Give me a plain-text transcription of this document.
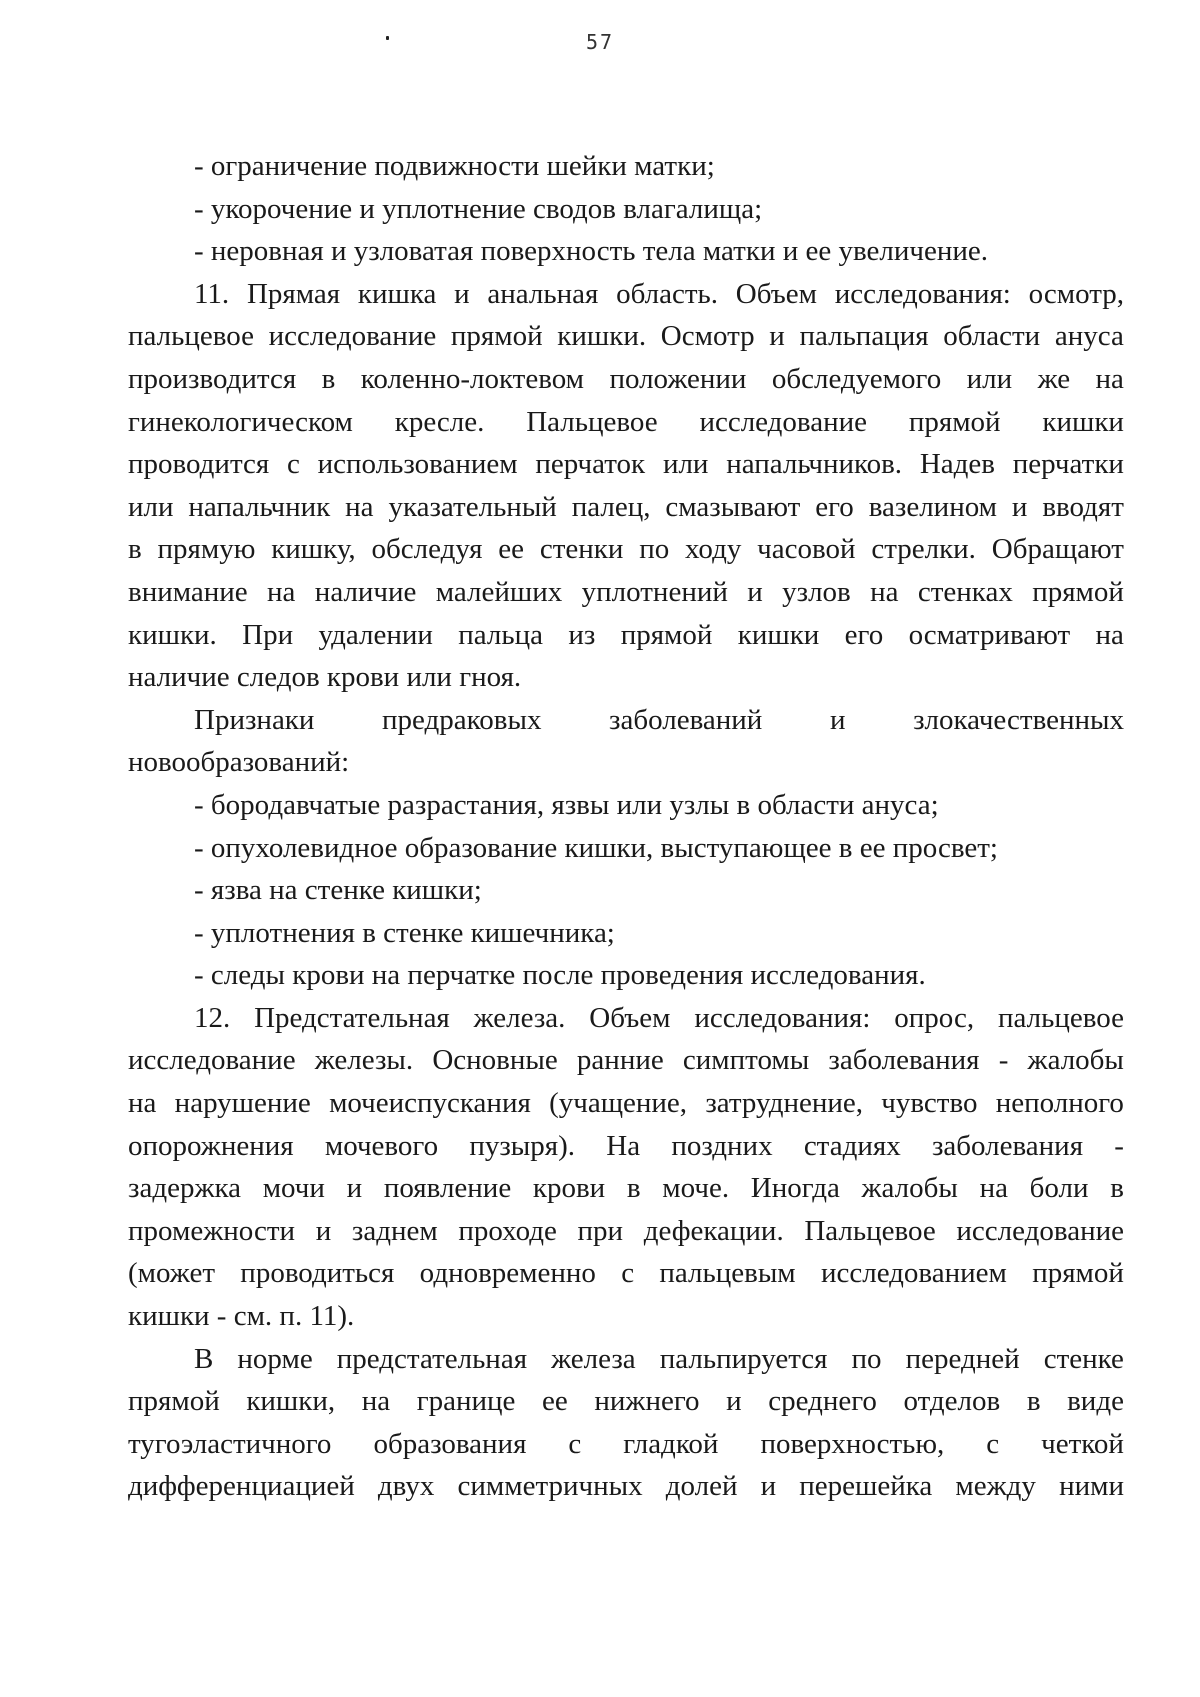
57
- ограничение подвижности шейки матки;
- укорочение и уплотнение сводов влагалища;
- неровная и узловатая поверхность тела матки и ее увеличение.
11. Прямая кишка и анальная область. Объем исследования: осмотр,
пальцевое исследование прямой кишки. Осмотр и пальпация области ануса
производится в коленно-локтевом положении обследуемого или же на
гинекологическом кресле. Пальцевое исследование прямой кишки
проводится с использованием перчаток или напальчников. Надев перчатки
или напальчник на указательный палец, смазывают его вазелином и вводят
в прямую кишку, обследуя ее стенки по ходу часовой стрелки. Обращают
внимание на наличие малейших уплотнений и узлов на стенках прямой
кишки. При удалении пальца из прямой кишки его осматривают на
наличие следов крови или гноя.
Признаки предраковых заболеваний и злокачественных
новообразований:
- бородавчатые разрастания, язвы или узлы в области ануса;
- опухолевидное образование кишки, выступающее в ее просвет;
- язва на стенке кишки;
- уплотнения в стенке кишечника;
- следы крови на перчатке после проведения исследования.
12. Предстательная железа. Объем исследования: опрос, пальцевое
исследование железы. Основные ранние симптомы заболевания - жалобы
на нарушение мочеиспускания (учащение, затруднение, чувство неполного
опорожнения мочевого пузыря). На поздних стадиях заболевания -
задержка мочи и появление крови в моче. Иногда жалобы на боли в
промежности и заднем проходе при дефекации. Пальцевое исследование
(может проводиться одновременно с пальцевым исследованием прямой
кишки - см. п. 11).
В норме предстательная железа пальпируется по передней стенке
прямой кишки, на границе ее нижнего и среднего отделов в виде
тугоэластичного образования с гладкой поверхностью, с четкой
дифференциацией двух симметричных долей и перешейка между ними
